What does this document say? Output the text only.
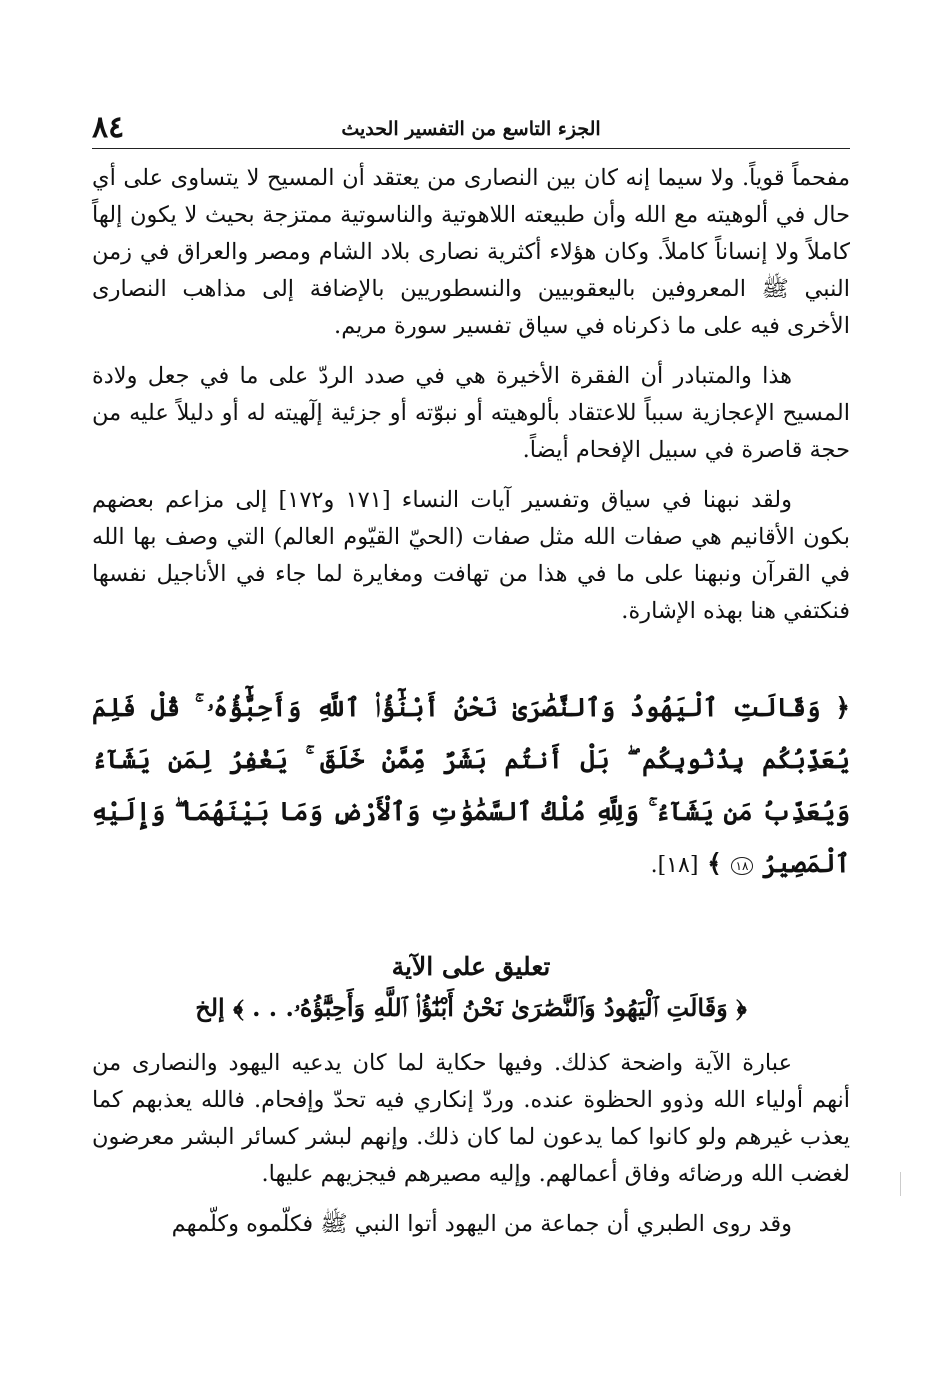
٨٤	الجزء التاسع من التفسير الحديث

مفحماً قوياً. ولا سيما إنه كان بين النصارى من يعتقد أن المسيح لا يتساوى على أي حال في ألوهيته مع الله وأن طبيعته اللاهوتية والناسوتية ممتزجة بحيث لا يكون إلهاً كاملاً ولا إنساناً كاملاً. وكان هؤلاء أكثرية نصارى بلاد الشام ومصر والعراق في زمن النبي ﷺ المعروفين باليعقوبيين والنسطوريين بالإضافة إلى مذاهب النصارى الأخرى فيه على ما ذكرناه في سياق تفسير سورة مريم.

هذا والمتبادر أن الفقرة الأخيرة هي في صدد الردّ على ما في جعل ولادة المسيح الإعجازية سبباً للاعتقاد بألوهيته أو نبوّته أو جزئية إلٓهيته له أو دليلاً عليه من حجة قاصرة في سبيل الإفحام أيضاً.

ولقد نبهنا في سياق وتفسير آيات النساء [١٧١ و١٧٢] إلى مزاعم بعضهم بكون الأقانيم هي صفات الله مثل صفات (الحيّ القيّوم العالم) التي وصف بها الله في القرآن ونبهنا على ما في هذا من تهافت ومغايرة لما جاء في الأناجيل نفسها فنكتفي هنا بهذه الإشارة.

﴿ وَقَالَتِ ٱلْيَهُودُ وَٱلنَّصَٰرَىٰ نَحْنُ أَبْنَٰٓؤُا۟ ٱللَّهِ وَأَحِبَّٰٓؤُهُۥ ۚ قُلْ فَلِمَ يُعَذِّبُكُم بِذُنُوبِكُم ۖ بَلْ أَنتُم بَشَرٌ مِّمَّنْ خَلَقَ ۚ يَغْفِرُ لِمَن يَشَآءُ وَيُعَذِّبُ مَن يَشَآءُ ۚ وَلِلَّهِ مُلْكُ ٱلسَّمَٰوَٰتِ وَٱلْأَرْضِ وَمَا بَيْنَهُمَا ۖ وَإِلَيْهِ ٱلْمَصِيرُ ١٨ ﴾ [١٨].

تعليق على الآية

﴿ وَقَالَتِ ٱلْيَهُودُ وَٱلنَّصَٰرَىٰ نَحْنُ أَبْنَٰٓؤُا۟ ٱللَّهِ وَأَحِبَّٰٓؤُهُۥ. . . ﴾ إلخ

عبارة الآية واضحة كذلك. وفيها حكاية لما كان يدعيه اليهود والنصارى من أنهم أولياء الله وذوو الحظوة عنده. وردّ إنكاري فيه تحدّ وإفحام. فالله يعذبهم كما يعذب غيرهم ولو كانوا كما يدعون لما كان ذلك. وإنهم لبشر كسائر البشر معرضون لغضب الله ورضائه وفاق أعمالهم. وإليه مصيرهم فيجزيهم عليها.

وقد روى الطبري أن جماعة من اليهود أتوا النبي ﷺ فكلّموه وكلّمهم
